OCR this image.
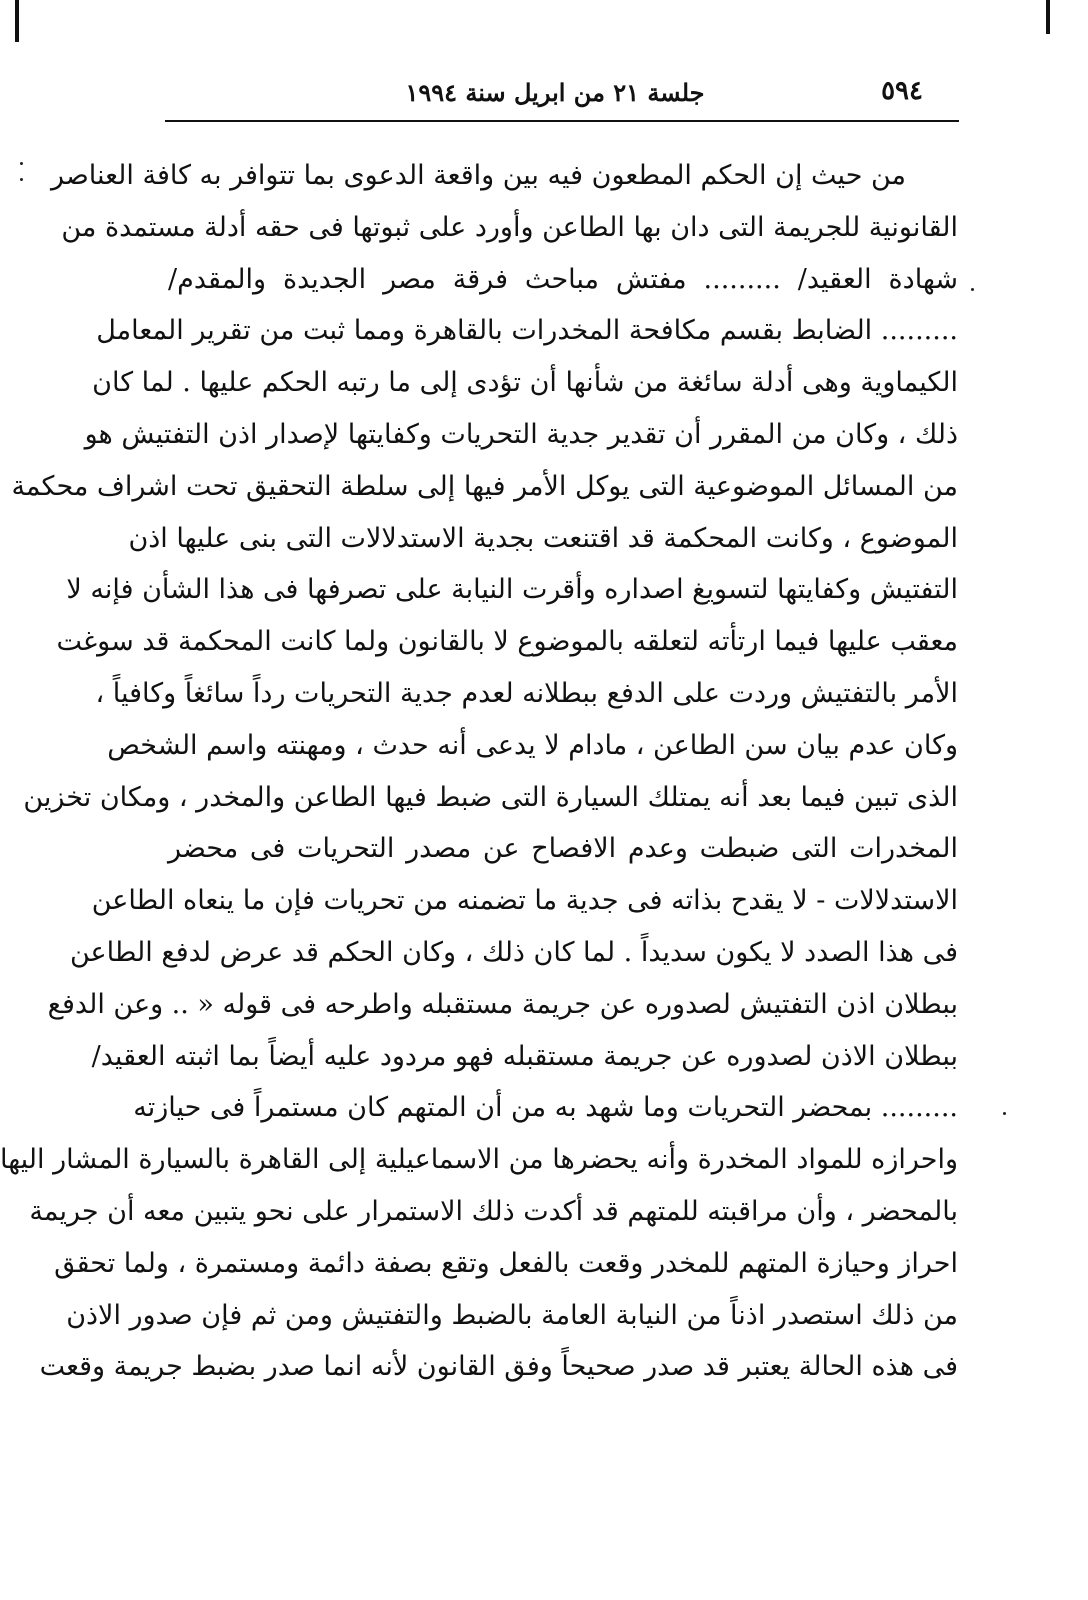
٥٩٤
جلسة ٢١ من ابريل سنة ١٩٩٤
من حيث إن الحكم المطعون فيه بين واقعة الدعوى بما تتوافر به كافة العناصر
القانونية للجريمة التى دان بها الطاعن وأورد على ثبوتها فى حقه أدلة مستمدة من
شهادة العقيد/ ......... مفتش مباحث فرقة مصر الجديدة والمقدم/
......... الضابط بقسم مكافحة المخدرات بالقاهرة ومما ثبت من تقرير المعامل
الكيماوية وهى أدلة سائغة من شأنها أن تؤدى إلى ما رتبه الحكم عليها . لما كان
ذلك ، وكان من المقرر أن تقدير جدية التحريات وكفايتها لإصدار اذن التفتيش هو
من المسائل الموضوعية التى يوكل الأمر فيها إلى سلطة التحقيق تحت اشراف محكمة
الموضوع ، وكانت المحكمة قد اقتنعت بجدية الاستدلالات التى بنى عليها اذن
التفتيش وكفايتها لتسويغ اصداره وأقرت النيابة على تصرفها فى هذا الشأن فإنه لا
معقب عليها فيما ارتأته لتعلقه بالموضوع لا بالقانون ولما كانت المحكمة قد سوغت
الأمر بالتفتيش وردت على الدفع ببطلانه لعدم جدية التحريات رداً سائغاً وكافياً ،
وكان عدم بيان سن الطاعن ، مادام لا يدعى أنه حدث ، ومهنته واسم الشخص
الذى تبين فيما بعد أنه يمتلك السيارة التى ضبط فيها الطاعن والمخدر ، ومكان تخزين
المخدرات التى ضبطت وعدم الافصاح عن مصدر التحريات فى محضر
الاستدلالات - لا يقدح بذاته فى جدية ما تضمنه من تحريات فإن ما ينعاه الطاعن
فى هذا الصدد لا يكون سديداً . لما كان ذلك ، وكان الحكم قد عرض لدفع الطاعن
ببطلان اذن التفتيش لصدوره عن جريمة مستقبله واطرحه فى قوله « .. وعن الدفع
ببطلان الاذن لصدوره عن جريمة مستقبله فهو مردود عليه أيضاً بما اثبته العقيد/
......... بمحضر التحريات وما شهد به من أن المتهم كان مستمراً فى حيازته
واحرازه للمواد المخدرة وأنه يحضرها من الاسماعيلية إلى القاهرة بالسيارة المشار اليها
بالمحضر ، وأن مراقبته للمتهم قد أكدت ذلك الاستمرار على نحو يتبين معه أن جريمة
احراز وحيازة المتهم للمخدر وقعت بالفعل وتقع بصفة دائمة ومستمرة ، ولما تحقق
من ذلك استصدر اذناً من النيابة العامة بالضبط والتفتيش ومن ثم فإن صدور الاذن
فى هذه الحالة يعتبر قد صدر صحيحاً وفق القانون لأنه انما صدر بضبط جريمة وقعت
